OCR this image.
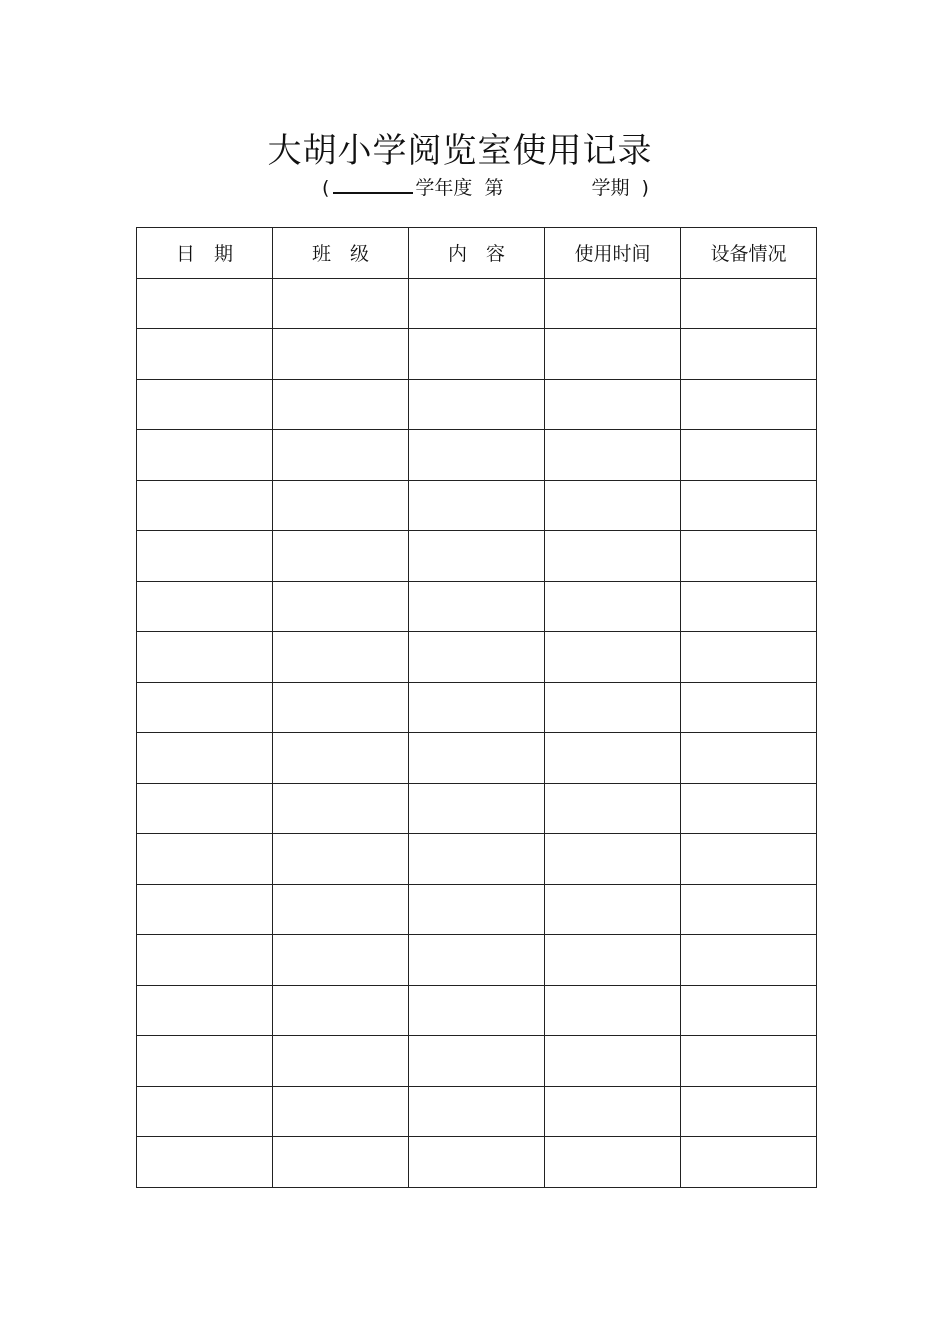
大胡小学阅览室使用记录
(	学年度 第	学期 )
日　期	班　级	内　容	使用时间	设备情况
